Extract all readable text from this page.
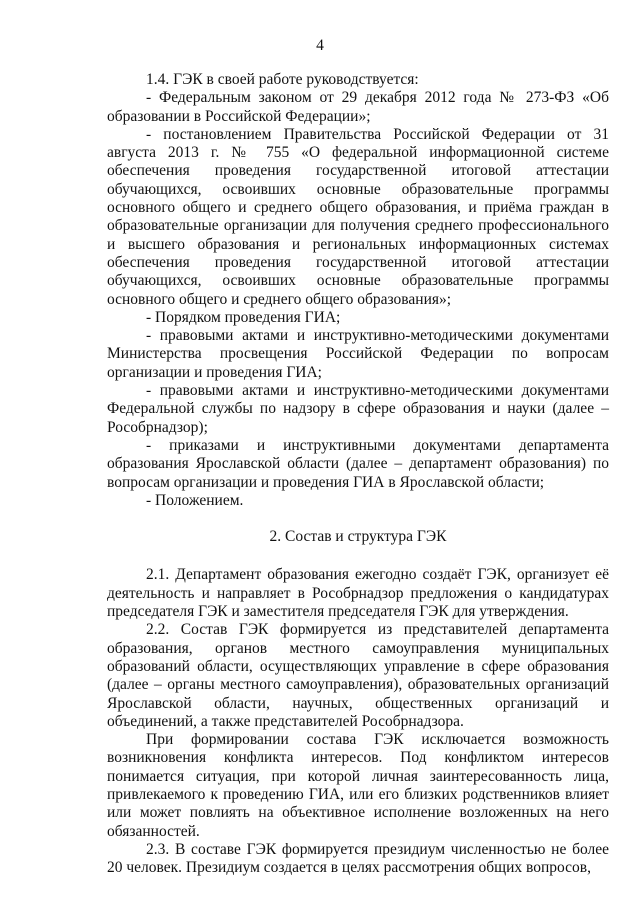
4

1.4. ГЭК в своей работе руководствуется:

- Федеральным законом от 29 декабря 2012 года № 273-ФЗ «Об образовании в Российской Федерации»;

- постановлением Правительства Российской Федерации от 31 августа 2013 г. № 755 «О федеральной информационной системе обеспечения проведения государственной итоговой аттестации обучающихся, освоивших основные образовательные программы основного общего и среднего общего образования, и приёма граждан в образовательные организации для получения среднего профессионального и высшего образования и региональных информационных системах обеспечения проведения государственной итоговой аттестации обучающихся, освоивших основные образовательные программы основного общего и среднего общего образования»;

- Порядком проведения ГИА;

- правовыми актами и инструктивно-методическими документами Министерства просвещения Российской Федерации по вопросам организации и проведения ГИА;

- правовыми актами и инструктивно-методическими документами Федеральной службы по надзору в сфере образования и науки (далее – Рособрнадзор);

- приказами и инструктивными документами департамента образования Ярославской области (далее – департамент образования) по вопросам организации и проведения ГИА в Ярославской области;

- Положением.

2. Состав и структура ГЭК

2.1. Департамент образования ежегодно создаёт ГЭК, организует её деятельность и направляет в Рособрнадзор предложения о кандидатурах председателя ГЭК и заместителя председателя ГЭК для утверждения.

2.2. Состав ГЭК формируется из представителей департамента образования, органов местного самоуправления муниципальных образований области, осуществляющих управление в сфере образования (далее – органы местного самоуправления), образовательных организаций Ярославской области, научных, общественных организаций и объединений, а также представителей Рособрнадзора.

При формировании состава ГЭК исключается возможность возникновения конфликта интересов. Под конфликтом интересов понимается ситуация, при которой личная заинтересованность лица, привлекаемого к проведению ГИА, или его близких родственников влияет или может повлиять на объективное исполнение возложенных на него обязанностей.

2.3. В составе ГЭК формируется президиум численностью не более 20 человек. Президиум создается в целях рассмотрения общих вопросов,
